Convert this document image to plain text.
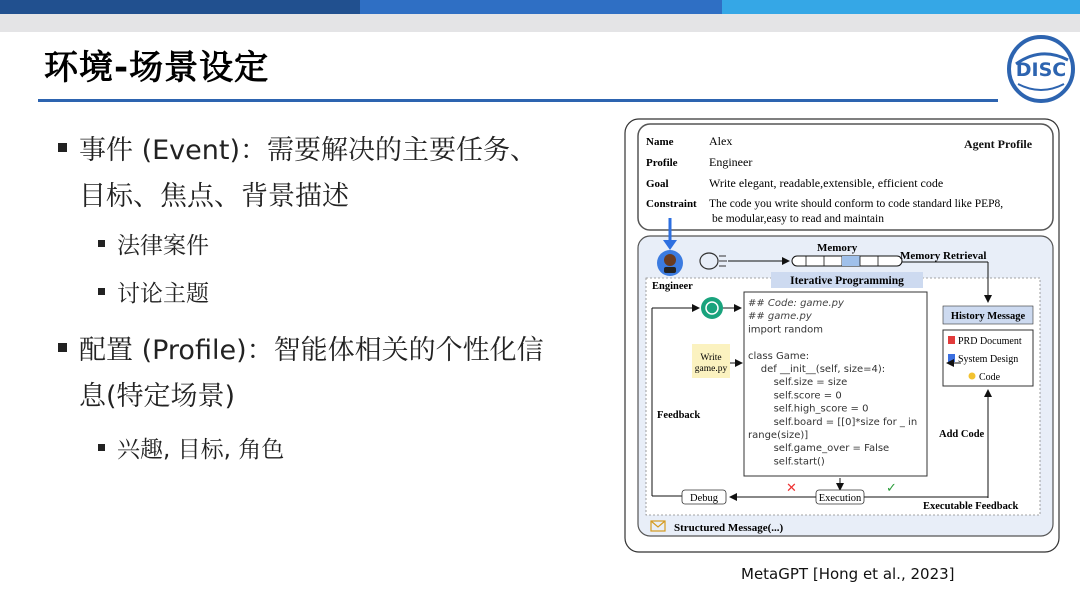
环境-场景设定	DISC
事件 (Event)：需要解决的主要任务、
目标、焦点、背景描述
法律案件
讨论主题
配置 (Profile)：智能体相关的个性化信
息(特定场景)
兴趣, 目标, 角色
Agent Profile
Name	Alex
Profile	Engineer
Goal	Write elegant, readable,extensible, efficient code
Constraint The code you write should conform to code standard like PEP8,
be modular,easy to read and maintain
Engineer
Memory
Memory Retrieval
Iterative Programming
## Code: game.py
## game.py
import random
class Game:
def __init__(self, size=4):
self.size = size
self.score = 0
self.high_score = 0
self.board = [[0]*size for _ in
range(size)]
self.game_over = False
self.start()
History Message
PRD Document
System Design
Code
Add Code
Write
game.py
Feedback
✕	✓
Debug	Execution
Executable Feedback
Structured Message(...)
MetaGPT [Hong et al., 2023]
